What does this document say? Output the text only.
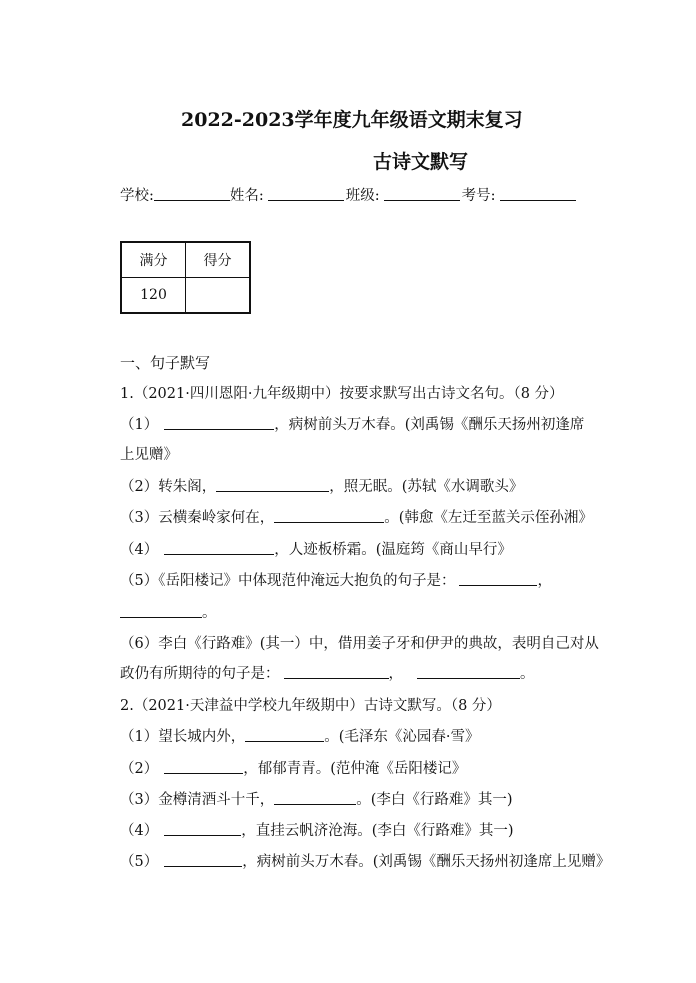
2022-2023学年度九年级语文期末复习
古诗文默写
学校:	姓名:	班级:	考号:
满分	得分
120	
一、句子默写
1.（2021·四川恩阳·九年级期中）按要求默写出古诗文名句。（8 分）
（1）	，病树前头万木春。(刘禹锡《酬乐天扬州初逢席
上见赠》
（2）转朱阁，	，照无眠。(苏轼《水调歌头》
（3）云横秦岭家何在，	。(韩愈《左迁至蓝关示侄孙湘》
（4）	，人迹板桥霜。(温庭筠《商山早行》
（5）《岳阳楼记》中体现范仲淹远大抱负的句子是：	，
。
（6）李白《行路难》(其一）中，借用姜子牙和伊尹的典故，表明自己对从
政仍有所期待的句子是：	，	。
2.（2021·天津益中学校九年级期中）古诗文默写。（8 分）
（1）望长城内外，	。(毛泽东《沁园春·雪》
（2）	，郁郁青青。(范仲淹《岳阳楼记》
（3）金樽清酒斗十千，	。(李白《行路难》其一)
（4）	，直挂云帆济沧海。(李白《行路难》其一)
（5）	，病树前头万木春。(刘禹锡《酬乐天扬州初逢席上见赠》
